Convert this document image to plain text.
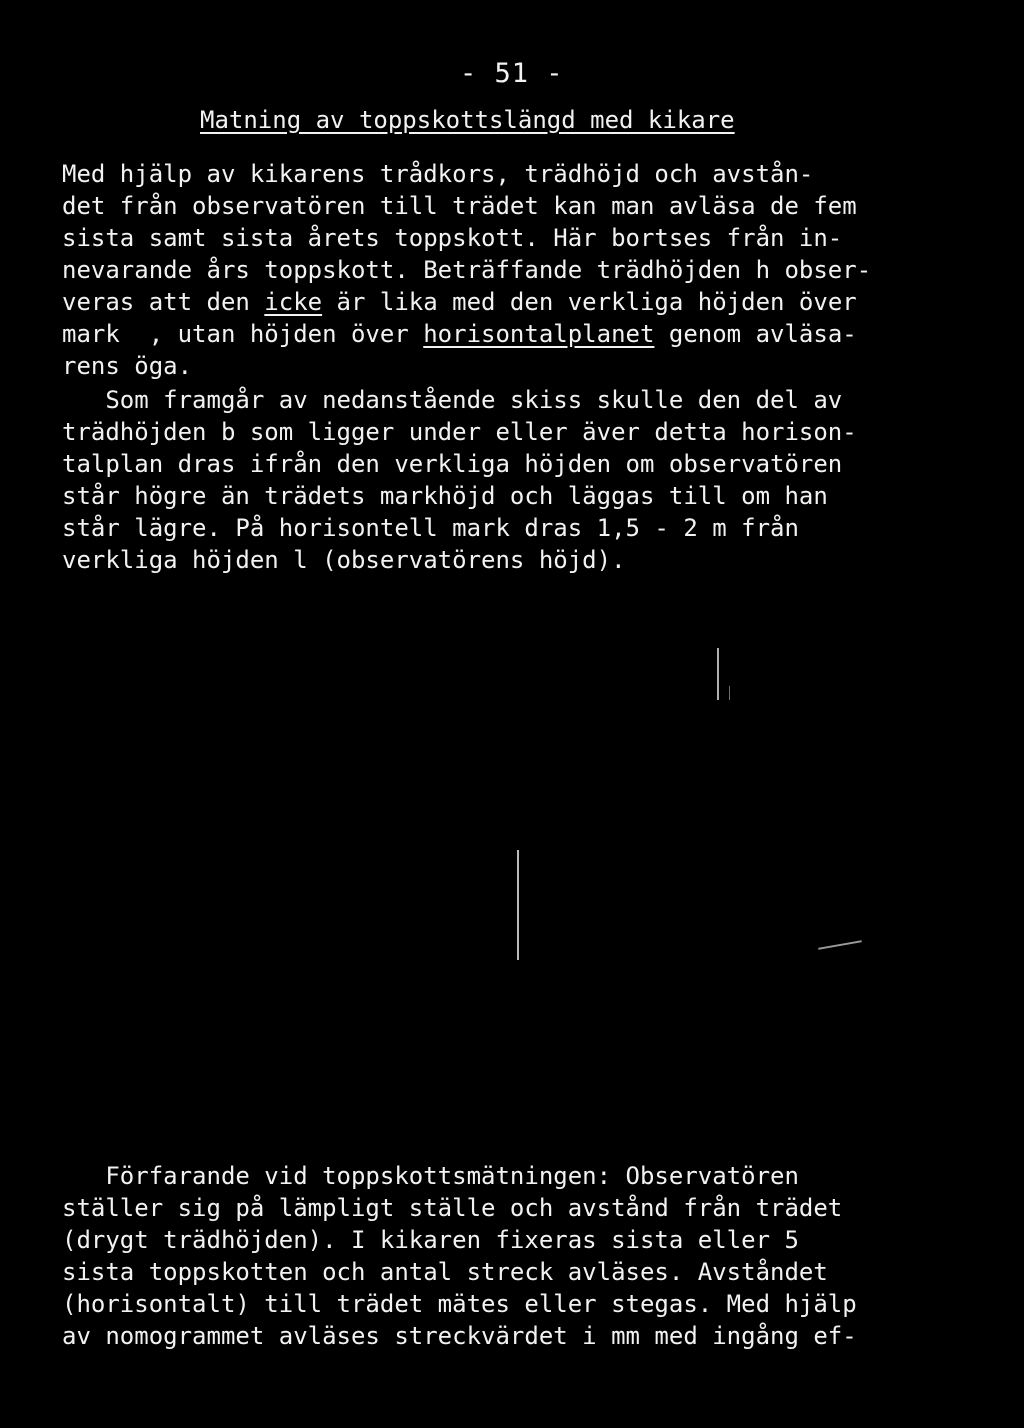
- 51 -
Matning av toppskottslängd med kikare
Med hjälp av kikarens trådkors, trädhöjd och avstån-
det från observatören till trädet kan man avläsa de fem
sista samt sista årets toppskott. Här bortses från in-
nevarande års toppskott. Beträffande trädhöjden h obser-
veras att den icke är lika med den verkliga höjden över
mark  , utan höjden över horisontalplanet genom avläsa-
rens öga.
Som framgår av nedanstående skiss skulle den del av
trädhöjden b som ligger under eller äver detta horison-
talplan dras ifrån den verkliga höjden om observatören
står högre än trädets markhöjd och läggas till om han
står lägre. På horisontell mark dras 1,5 - 2 m från
verkliga höjden l (observatörens höjd).
Förfarande vid toppskottsmätningen: Observatören
ställer sig på lämpligt ställe och avstånd från trädet
(drygt trädhöjden). I kikaren fixeras sista eller 5
sista toppskotten och antal streck avläses. Avståndet
(horisontalt) till trädet mätes eller stegas. Med hjälp
av nomogrammet avläses streckvärdet i mm med ingång ef-
